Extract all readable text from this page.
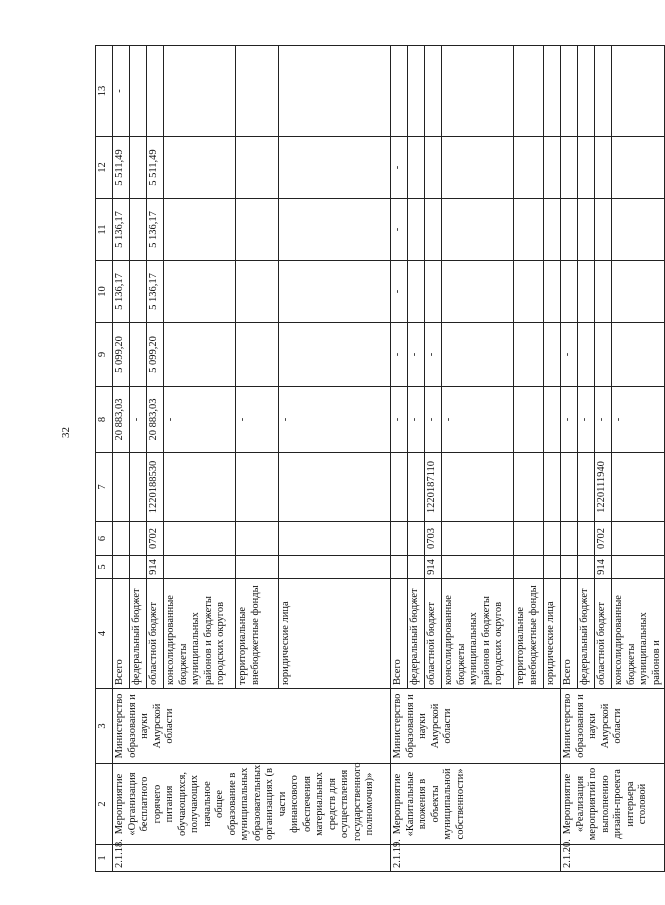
32
1	2	3	4	5	6	7	8	9	10	11	12	13
2.1.18.	Мероприятие «Организация бесплатного горячего питания обучающихся, получающих начальное общее образование в муниципальных образовательных организациях (в части финансового обеспечения материальных средств для осуществления государственного полномочия)»	Министерство образования и науки Амурской области	Всего				20 883,03	5 099,20	5 136,17	5 136,17	5 511,49	-
			федеральный бюджет				-					
			областной бюджет	914	0702	1220188530	20 883,03	5 099,20	5 136,17	5 136,17	5 511,49	
			консолидированные бюджеты муниципальных районов и бюджеты городских округов				-					
			территориальные внебюджетные фонды				-					
			юридические лица				-					
2.1.19.	Мероприятие «Капитальные вложения в объекты муниципальной собственности»	Министерство образования и науки Амурской области	Всего				-	-	-	-	-	
			федеральный бюджет				-	-				
			областной бюджет	914	0703	1220187110	-	-				
			консолидированные бюджеты муниципальных районов и бюджеты городских округов				-					
			территориальные внебюджетные фонды									
			юридические лица									
2.1.20.	Мероприятие «Реализация мероприятий по выполнению дизайн-проекта интерьера столовой	Министерство образования и науки Амурской области	Всего				-	-				
			федеральный бюджет				-					
			областной бюджет	914	0702	1220111940	-					
			консолидированные бюджеты муниципальных районов и				-					
